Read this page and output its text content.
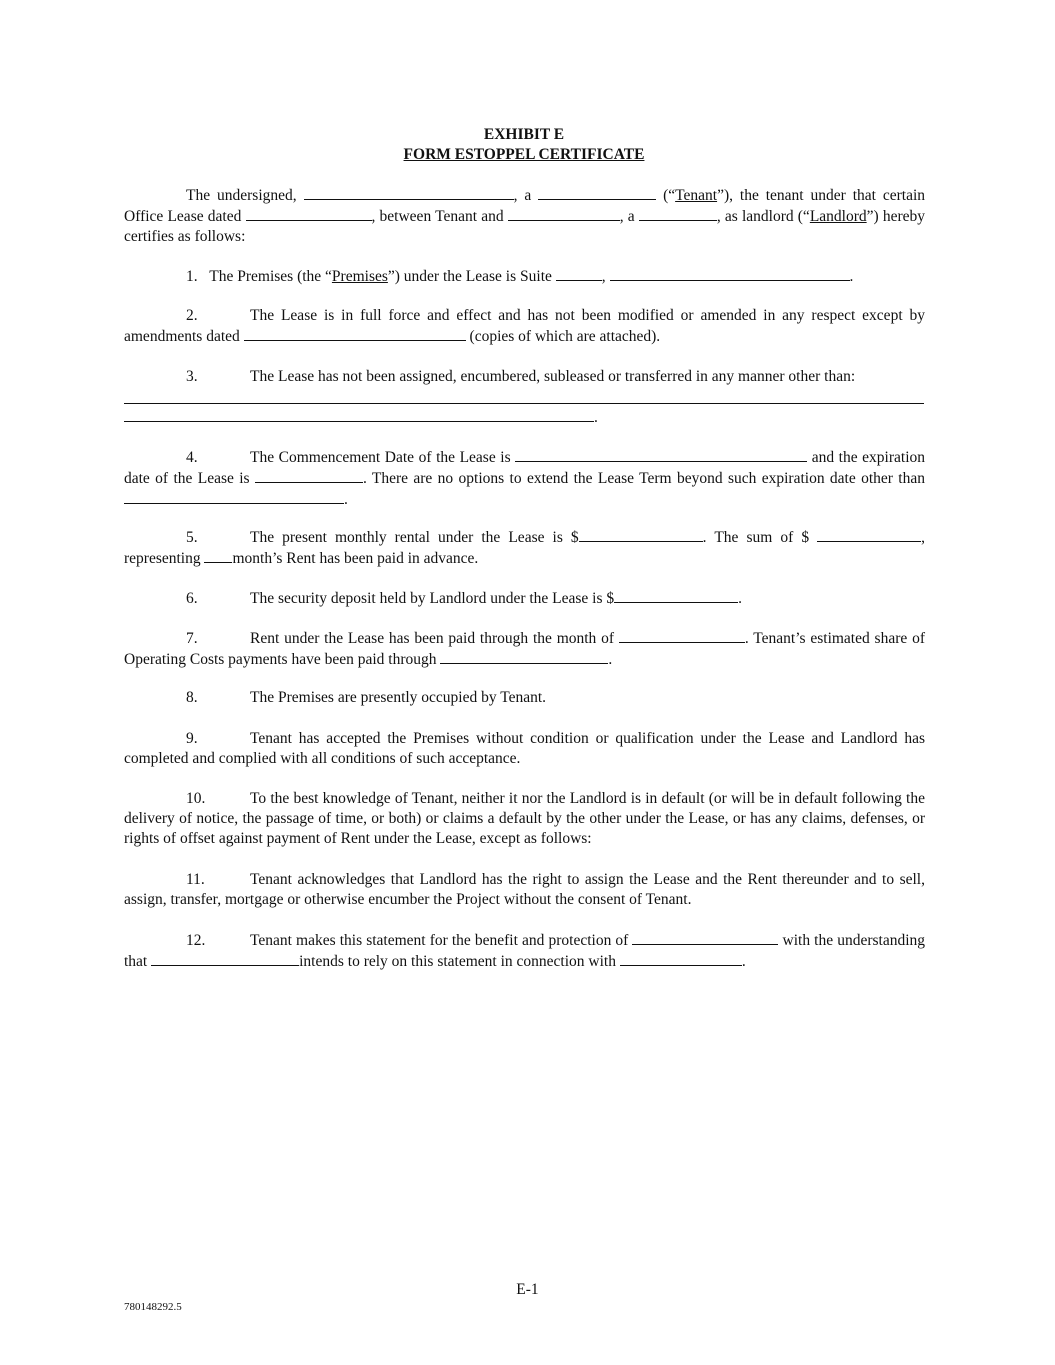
EXHIBIT E
FORM ESTOPPEL CERTIFICATE

The undersigned,	, a	(“Tenant”), the tenant under that certain Office Lease dated	, between Tenant and	, a	, as landlord (“Landlord”) hereby certifies as follows:

1. The Premises (the “Premises”) under the Lease is Suite	,	.

2.	The Lease is in full force and effect and has not been modified or amended in any respect except by amendments dated	(copies of which are attached).

3.	The Lease has not been assigned, encumbered, subleased or transferred in any manner other than:

.

4.	The Commencement Date of the Lease is	and the expiration date of the Lease is	. There are no options to extend the Lease Term beyond such expiration date other than .

5.	The present monthly rental under the Lease is $	. The sum of $	, representing month’s Rent has been paid in advance.

6.	The security deposit held by Landlord under the Lease is $	.

7.	Rent under the Lease has been paid through the month of	. Tenant’s estimated share of Operating Costs payments have been paid through	.

8.	The Premises are presently occupied by Tenant.

9.	Tenant has accepted the Premises without condition or qualification under the Lease and Landlord has completed and complied with all conditions of such acceptance.

10.	To the best knowledge of Tenant, neither it nor the Landlord is in default (or will be in default following the delivery of notice, the passage of time, or both) or claims a default by the other under the Lease, or has any claims, defenses, or rights of offset against payment of Rent under the Lease, except as follows:

11.	Tenant acknowledges that Landlord has the right to assign the Lease and the Rent thereunder and to sell, assign, transfer, mortgage or otherwise encumber the Project without the consent of Tenant.

12.	Tenant makes this statement for the benefit and protection of	with the understanding that	intends to rely on this statement in connection with	.

E-1
780148292.5
